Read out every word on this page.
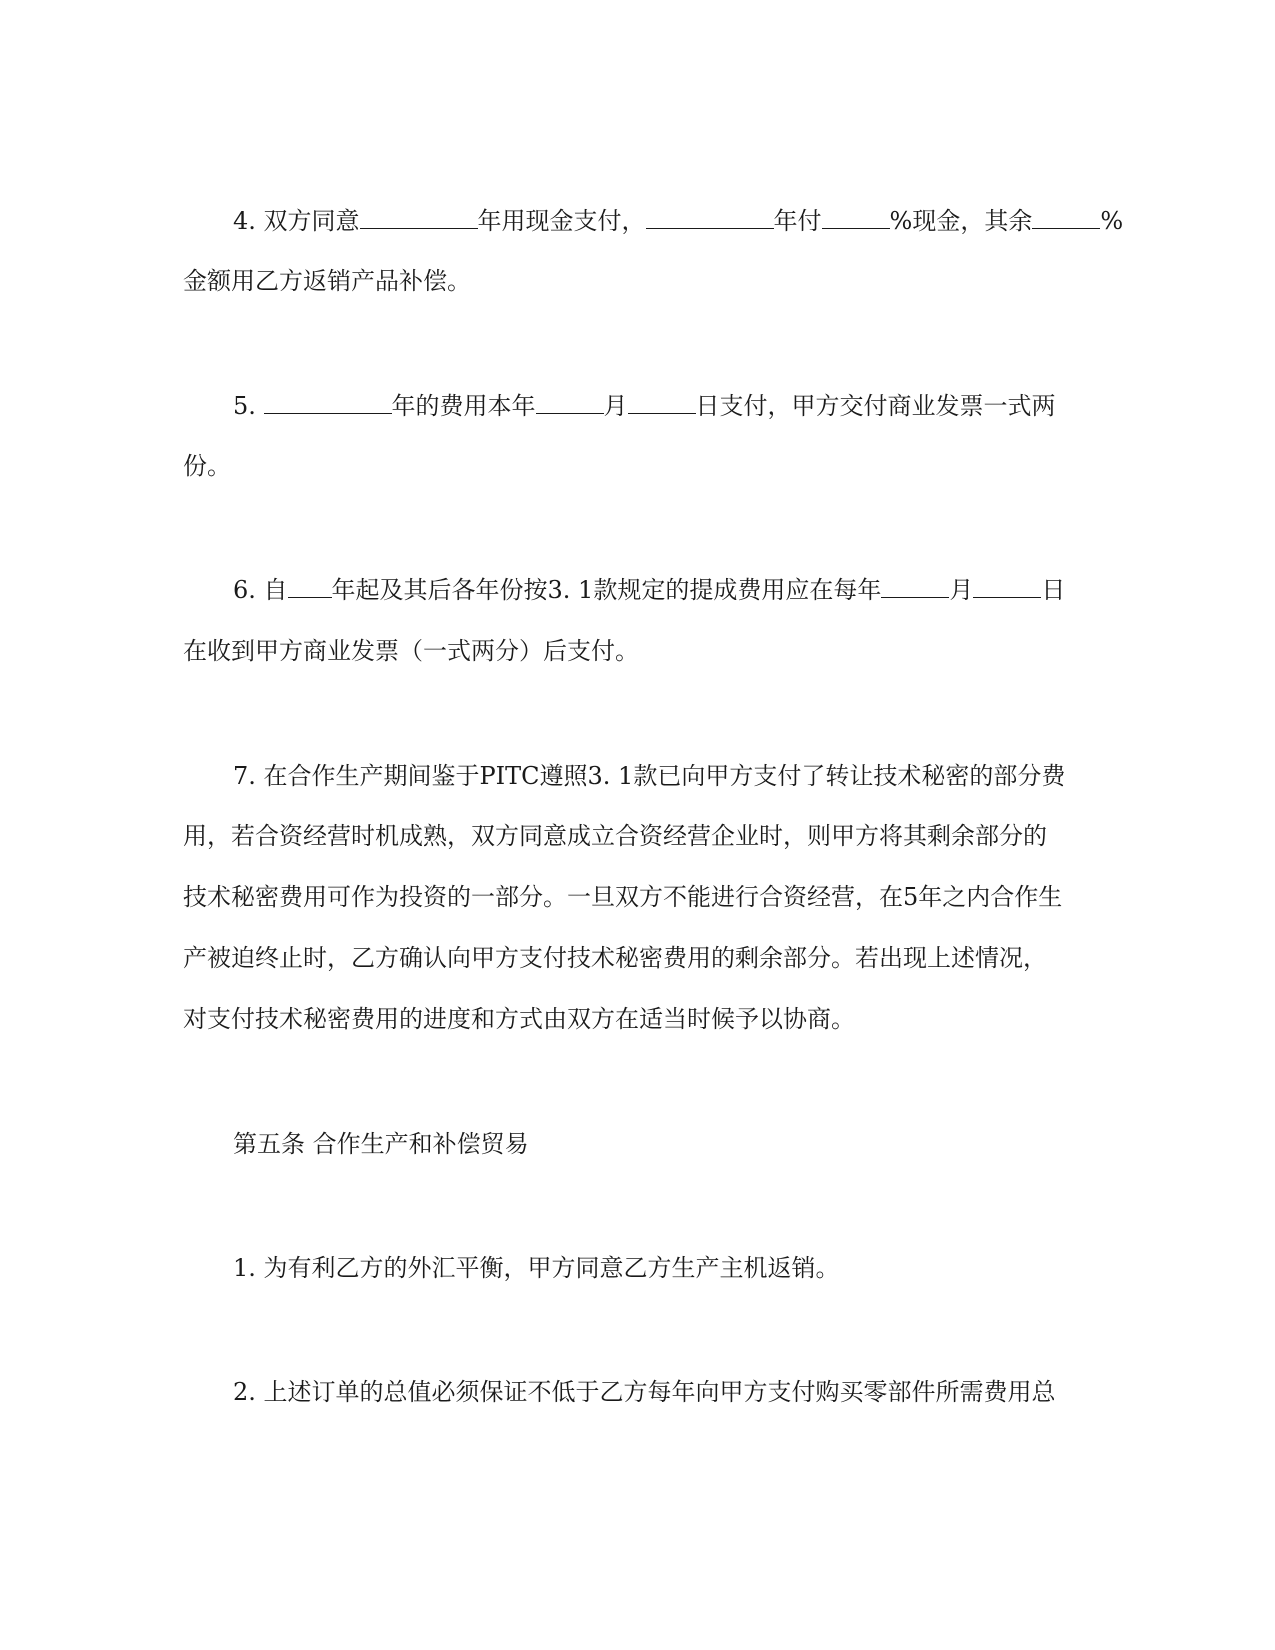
4. 双方同意	年用现金支付，	年付	%现金，其余	%
金额用乙方返销产品补偿。
5.	年的费用本年	月	日支付，甲方交付商业发票一式两
份。
6. 自 年起及其后各年份按3. 1款规定的提成费用应在每年	月	日
在收到甲方商业发票（一式两分）后支付。
7. 在合作生产期间鉴于PITC遵照3. 1款已向甲方支付了转让技术秘密的部分费
用，若合资经营时机成熟，双方同意成立合资经营企业时，则甲方将其剩余部分的
技术秘密费用可作为投资的一部分。一旦双方不能进行合资经营，在5年之内合作生
产被迫终止时，乙方确认向甲方支付技术秘密费用的剩余部分。若出现上述情况，
对支付技术秘密费用的进度和方式由双方在适当时候予以协商。
第五条 合作生产和补偿贸易
1. 为有利乙方的外汇平衡，甲方同意乙方生产主机返销。
2. 上述订单的总值必须保证不低于乙方每年向甲方支付购买零部件所需费用总
